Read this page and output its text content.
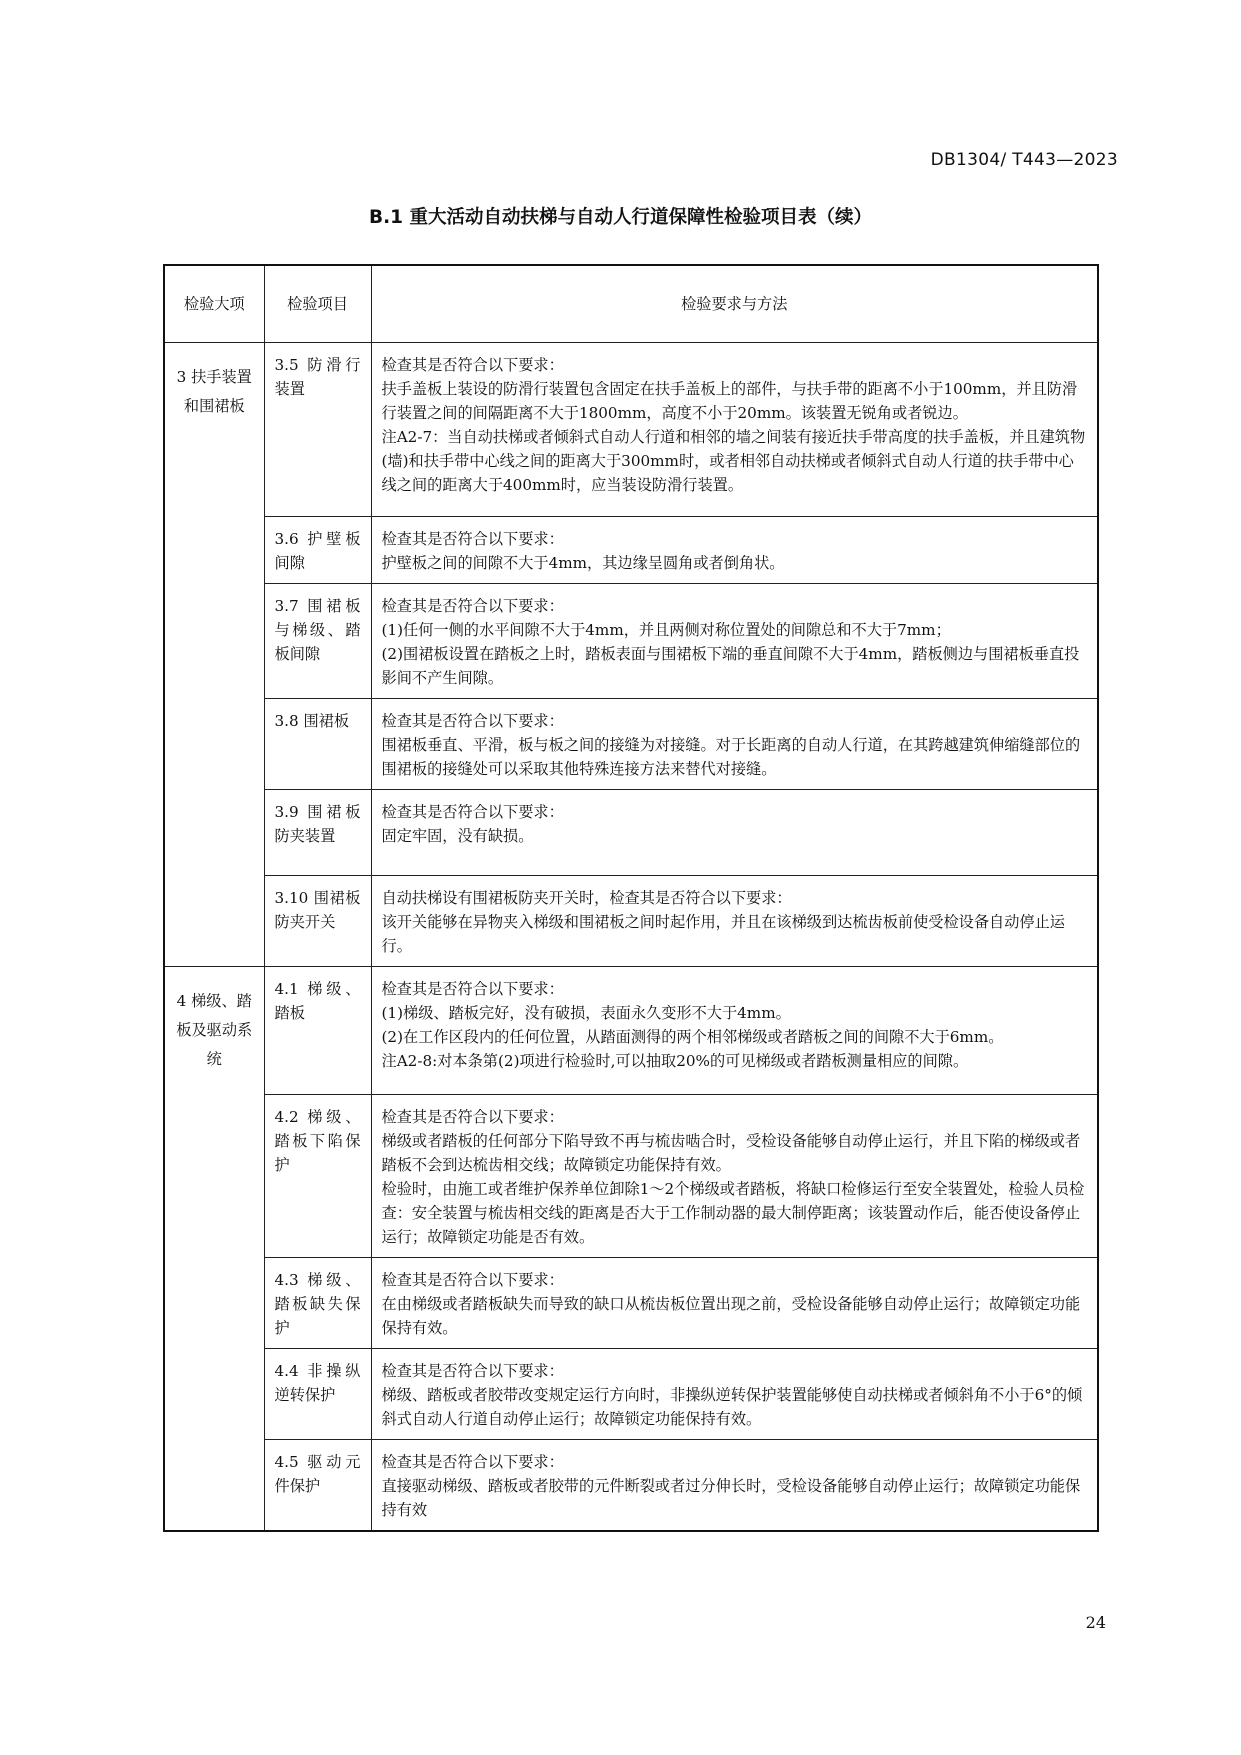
DB1304/ T443—2023
B.1 重大活动自动扶梯与自动人行道保障性检验项目表（续）
检验大项	检验项目	检验要求与方法
3 扶手装置和围裙板	3.5 防滑行装置	检查其是否符合以下要求：
扶手盖板上装设的防滑行装置包含固定在扶手盖板上的部件，与扶手带的距离不小于100mm，并且防滑行装置之间的间隔距离不大于1800mm，高度不小于20mm。该装置无锐角或者锐边。
注A2-7：当自动扶梯或者倾斜式自动人行道和相邻的墙之间装有接近扶手带高度的扶手盖板，并且建筑物(墙)和扶手带中心线之间的距离大于300mm时，或者相邻自动扶梯或者倾斜式自动人行道的扶手带中心线之间的距离大于400mm时，应当装设防滑行装置。

	3.6 护壁板间隙	检查其是否符合以下要求：
护壁板之间的间隙不大于4mm，其边缘呈圆角或者倒角状。

	3.7 围裙板与梯级、踏板间隙	检查其是否符合以下要求：
(1)任何一侧的水平间隙不大于4mm，并且两侧对称位置处的间隙总和不大于7mm；
(2)围裙板设置在踏板之上时，踏板表面与围裙板下端的垂直间隙不大于4mm，踏板侧边与围裙板垂直投影间不产生间隙。

	3.8 围裙板	检查其是否符合以下要求：
围裙板垂直、平滑，板与板之间的接缝为对接缝。对于长距离的自动人行道，在其跨越建筑伸缩缝部位的围裙板的接缝处可以采取其他特殊连接方法来替代对接缝。

	3.9 围裙板防夹装置	检查其是否符合以下要求：
固定牢固，没有缺损。

	3.10 围裙板防夹开关	自动扶梯设有围裙板防夹开关时，检查其是否符合以下要求：
该开关能够在异物夹入梯级和围裙板之间时起作用，并且在该梯级到达梳齿板前使受检设备自动停止运行。

4 梯级、踏板及驱动系统	4.1 梯级、踏板	检查其是否符合以下要求：
(1)梯级、踏板完好，没有破损，表面永久变形不大于4mm。
(2)在工作区段内的任何位置，从踏面测得的两个相邻梯级或者踏板之间的间隙不大于6mm。
注A2-8:对本条第(2)项进行检验时,可以抽取20%的可见梯级或者踏板测量相应的间隙。

	4.2 梯级、踏板下陷保护	检查其是否符合以下要求：
梯级或者踏板的任何部分下陷导致不再与梳齿啮合时，受检设备能够自动停止运行，并且下陷的梯级或者踏板不会到达梳齿相交线；故障锁定功能保持有效。
检验时，由施工或者维护保养单位卸除1～2个梯级或者踏板，将缺口检修运行至安全装置处，检验人员检查：安全装置与梳齿相交线的距离是否大于工作制动器的最大制停距离；该装置动作后，能否使设备停止运行；故障锁定功能是否有效。

	4.3 梯级、踏板缺失保护	检查其是否符合以下要求：
在由梯级或者踏板缺失而导致的缺口从梳齿板位置出现之前，受检设备能够自动停止运行；故障锁定功能保持有效。

	4.4 非操纵逆转保护	检查其是否符合以下要求：
梯级、踏板或者胶带改变规定运行方向时，非操纵逆转保护装置能够使自动扶梯或者倾斜角不小于6°的倾斜式自动人行道自动停止运行；故障锁定功能保持有效。

	4.5 驱动元件保护	检查其是否符合以下要求：
直接驱动梯级、踏板或者胶带的元件断裂或者过分伸长时，受检设备能够自动停止运行；故障锁定功能保持有效
24
